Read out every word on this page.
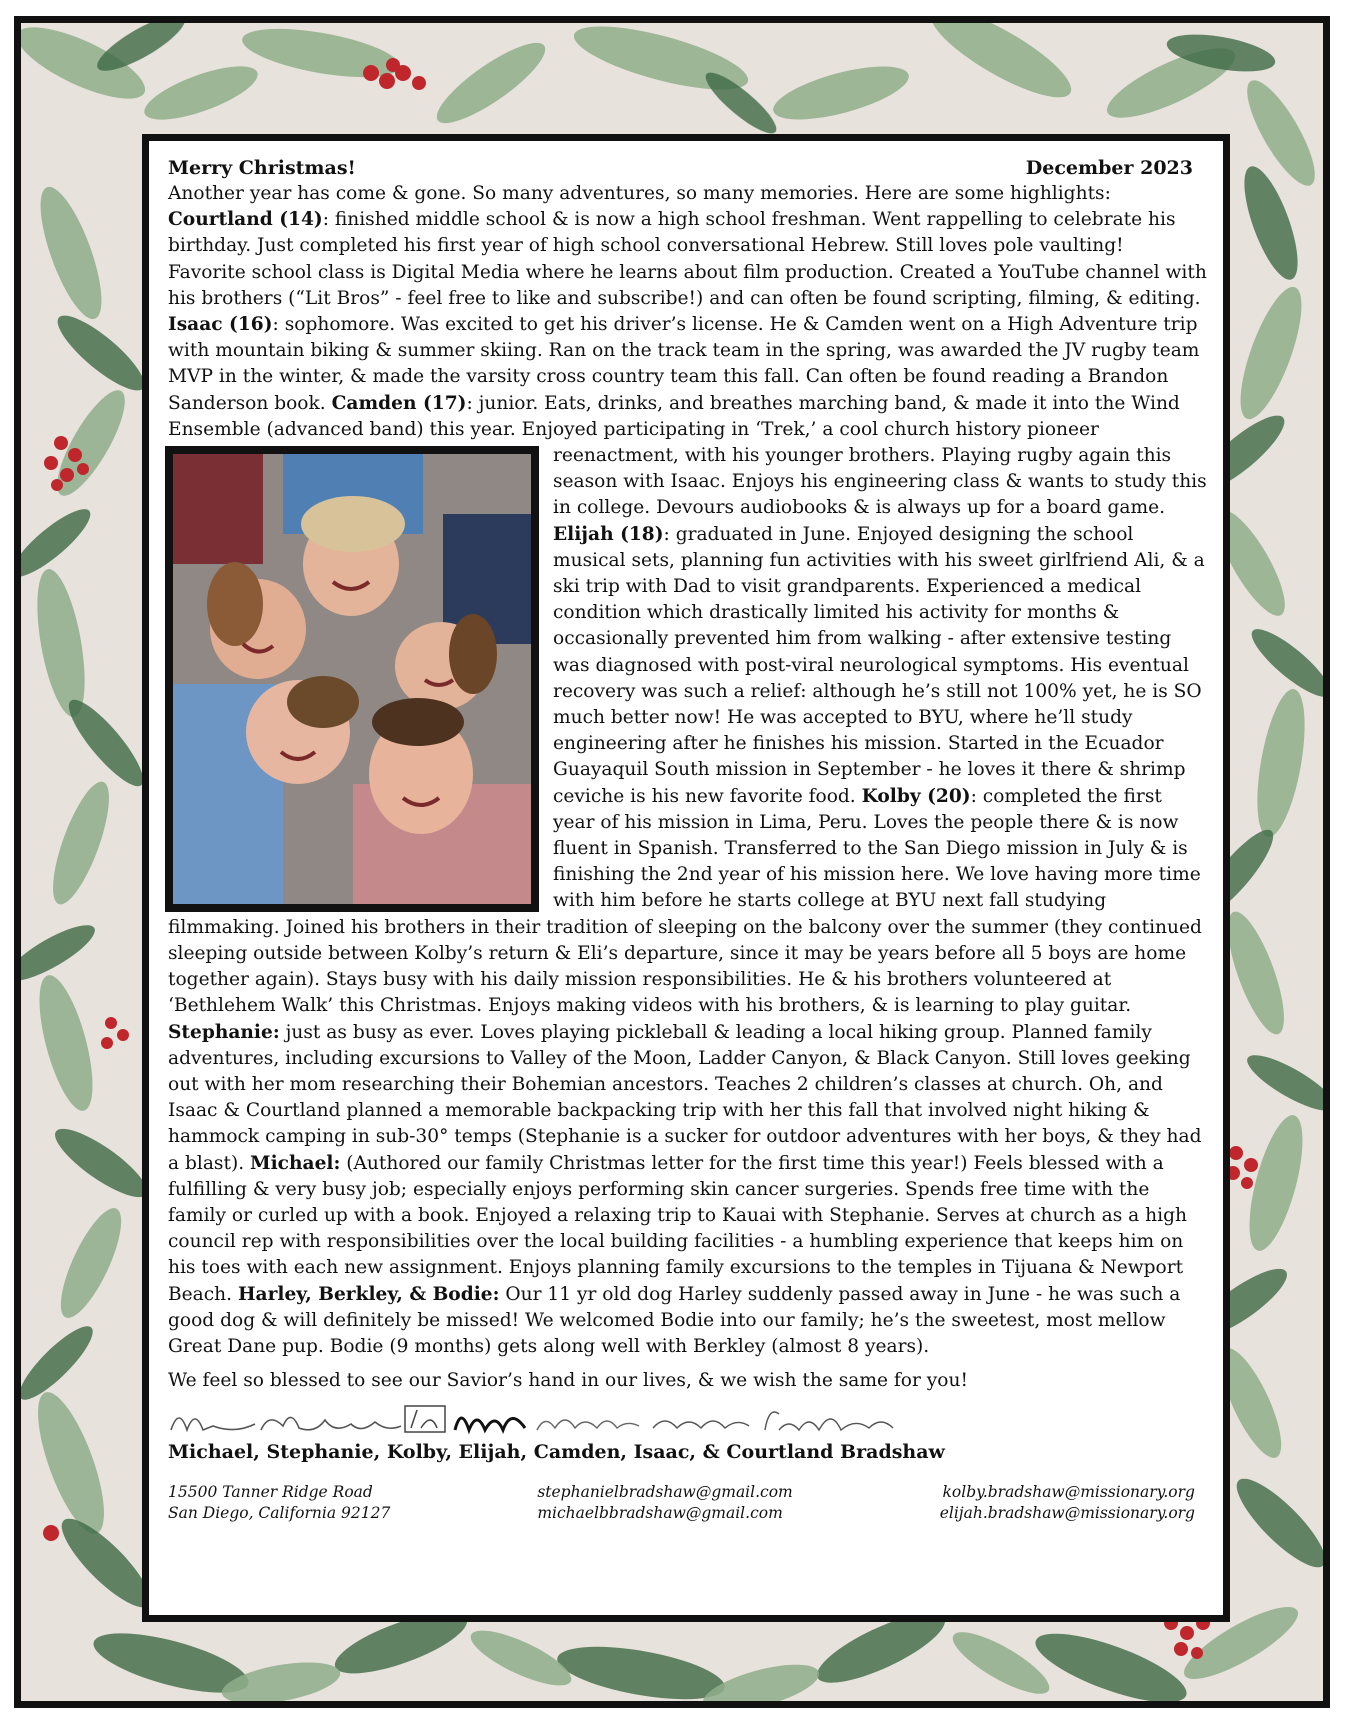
Merry Christmas!	December 2023

Another year has come & gone. So many adventures, so many memories. Here are some highlights: Courtland (14): finished middle school & is now a high school freshman. Went rappelling to celebrate his birthday. Just completed his first year of high school conversational Hebrew. Still loves pole vaulting! Favorite school class is Digital Media where he learns about film production. Created a YouTube channel with his brothers (“Lit Bros” - feel free to like and subscribe!) and can often be found scripting, filming, & editing. Isaac (16): sophomore. Was excited to get his driver’s license. He & Camden went on a High Adventure trip with mountain biking & summer skiing. Ran on the track team in the spring, was awarded the JV rugby team MVP in the winter, & made the varsity cross country team this fall. Can often be found reading a Brandon Sanderson book. Camden (17): junior. Eats, drinks, and breathes marching band, & made it into the Wind Ensemble (advanced band) this year. Enjoyed participating in ‘Trek,’ a cool church history pioneer reenactment, with his younger brothers.
Playing rugby again this season with Isaac. Enjoys his engineering class & wants to study this in college. Devours audiobooks & is always up for a board game. Elijah (18): graduated in June. Enjoyed designing the school musical sets, planning fun activities with his sweet girlfriend Ali, & a ski trip with Dad to visit grandparents. Experienced a medical condition which drastically limited his activity for months & occasionally prevented him from walking - after extensive testing was diagnosed with post-viral neurological symptoms. His eventual recovery was such a relief: although he’s still not 100% yet, he is SO much better now! He was accepted to BYU, where he’ll study engineering after he finishes his mission. Started in the Ecuador Guayaquil South mission in September - he loves it there & shrimp ceviche is his new favorite food. Kolby (20): completed the first year of his mission in Lima, Peru. Loves the people there & is now fluent in Spanish. Transferred to the San Diego mission in July & is finishing the 2nd year of his mission here. We love having more time with him before he starts college at BYU next fall studying filmmaking. Joined his brothers in their tradition of sleeping on the balcony over the summer (they continued sleeping outside between Kolby’s return & Eli’s departure, since it may be years before all 5 boys are home together again). Stays busy with his daily mission responsibilities. He & his brothers volunteered at ‘Bethlehem Walk’ this Christmas. Enjoys making videos with his brothers, & is learning to play guitar. Stephanie: just as busy as ever. Loves playing pickleball & leading a local hiking group. Planned family adventures, including excursions to Valley of the Moon, Ladder Canyon, & Black Canyon. Still loves geeking out with her mom researching their Bohemian ancestors. Teaches 2 children’s classes at church. Oh, and Isaac & Courtland planned a memorable backpacking trip with her this fall that involved night hiking & hammock camping in sub-30° temps (Stephanie is a sucker for outdoor adventures with her boys, & they had a blast). Michael: (Authored our family Christmas letter for the first time this year!) Feels blessed with a fulfilling & very busy job; especially enjoys performing skin cancer surgeries. Spends free time with the family or curled up with a book. Enjoyed a relaxing trip to Kauai with Stephanie. Serves at church as a high council rep with responsibilities over the local building facilities - a humbling experience that keeps him on his toes with each new assignment. Enjoys planning family excursions to the temples in Tijuana & Newport Beach. Harley, Berkley, & Bodie: Our 11 yr old dog Harley suddenly passed away in June - he was such a good dog & will definitely be missed! We welcomed Bodie into our family; he’s the sweetest, most mellow Great Dane pup. Bodie (9 months) gets along well with Berkley (almost 8 years).

We feel so blessed to see our Savior’s hand in our lives, & we wish the same for you!
Michael, Stephanie, Kolby, Elijah, Camden, Isaac, & Courtland Bradshaw
15500 Tanner Ridge Road
San Diego, California 92127
stephanielbradshaw@gmail.com
michaelbbradshaw@gmail.com
kolby.bradshaw@missionary.org
elijah.bradshaw@missionary.org
